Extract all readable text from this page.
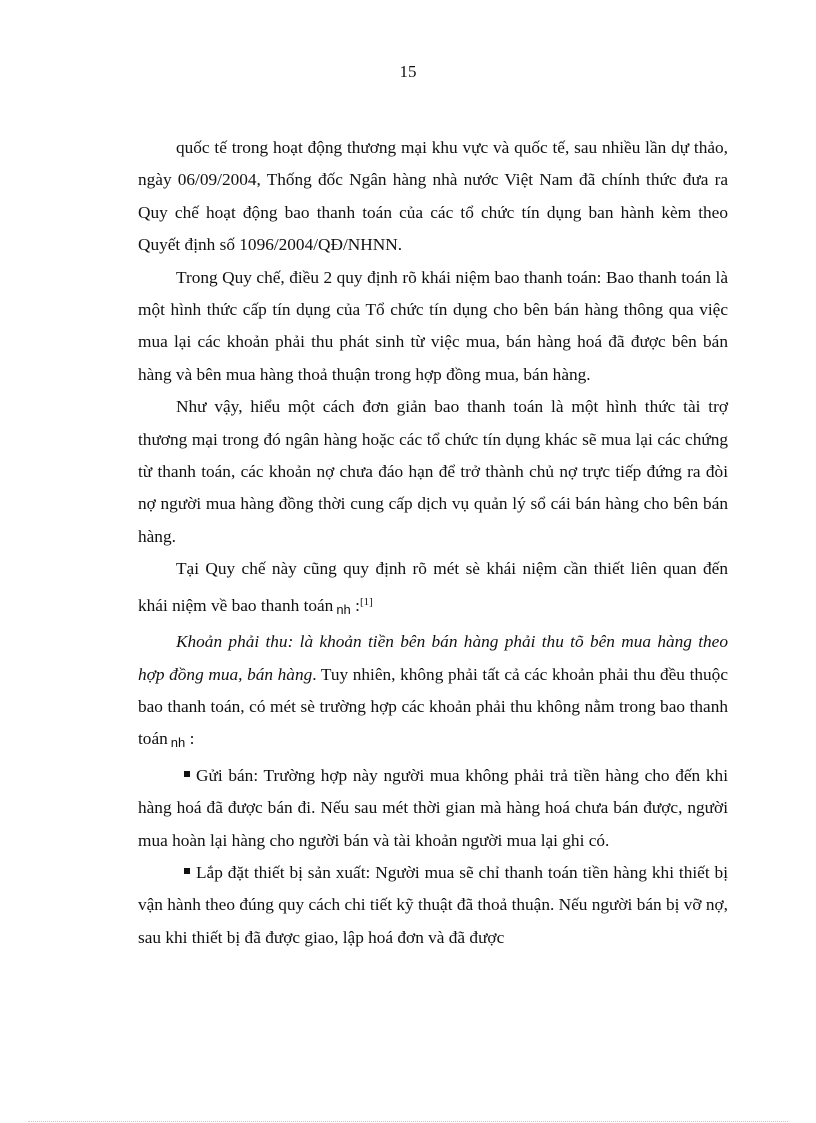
15

quốc tế trong hoạt động thương mại khu vực và quốc tế, sau nhiều lần dự thảo, ngày 06/09/2004, Thống đốc Ngân hàng nhà nước Việt Nam đã chính thức đưa ra Quy chế hoạt động bao thanh toán của các tổ chức tín dụng ban hành kèm theo Quyết định số 1096/2004/QĐ/NHNN.

Trong Quy chế, điều 2 quy định rõ khái niệm bao thanh toán: Bao thanh toán là một hình thức cấp tín dụng của Tổ chức tín dụng cho bên bán hàng thông qua việc mua lại các khoản phải thu phát sinh từ việc mua, bán hàng hoá đã được bên bán hàng và bên mua hàng thoả thuận trong hợp đồng mua, bán hàng.

Như vậy, hiểu một cách đơn giản bao thanh toán là một hình thức tài trợ thương mại trong đó ngân hàng hoặc các tổ chức tín dụng khác sẽ mua lại các chứng từ thanh toán, các khoản nợ chưa đáo hạn để trở thành chủ nợ trực tiếp đứng ra đòi nợ người mua hàng đồng thời cung cấp dịch vụ quản lý sổ cái bán hàng cho bên bán hàng.

Tại Quy chế này cũng quy định rõ mét sè khái niệm cần thiết liên quan đến khái niệm về bao thanh toán $_{nh}$ :[1]

Khoản phải thu: là khoản tiền bên bán hàng phải thu tõ bên mua hàng theo hợp đồng mua, bán hàng. Tuy nhiên, không phải tất cả các khoản phải thu đều thuộc bao thanh toán, có mét sè trường hợp các khoản phải thu không nằm trong bao thanh toán $_{nh}$ :

Gửi bán: Trường hợp này người mua không phải trả tiền hàng cho đến khi hàng hoá đã được bán đi. Nếu sau mét thời gian mà hàng hoá chưa bán được, người mua hoàn lại hàng cho người bán và tài khoản người mua lại ghi có.

Lắp đặt thiết bị sản xuất: Người mua sẽ chỉ thanh toán tiền hàng khi thiết bị vận hành theo đúng quy cách chi tiết kỹ thuật đã thoả thuận. Nếu người bán bị vỡ nợ, sau khi thiết bị đã được giao, lập hoá đơn và đã được
